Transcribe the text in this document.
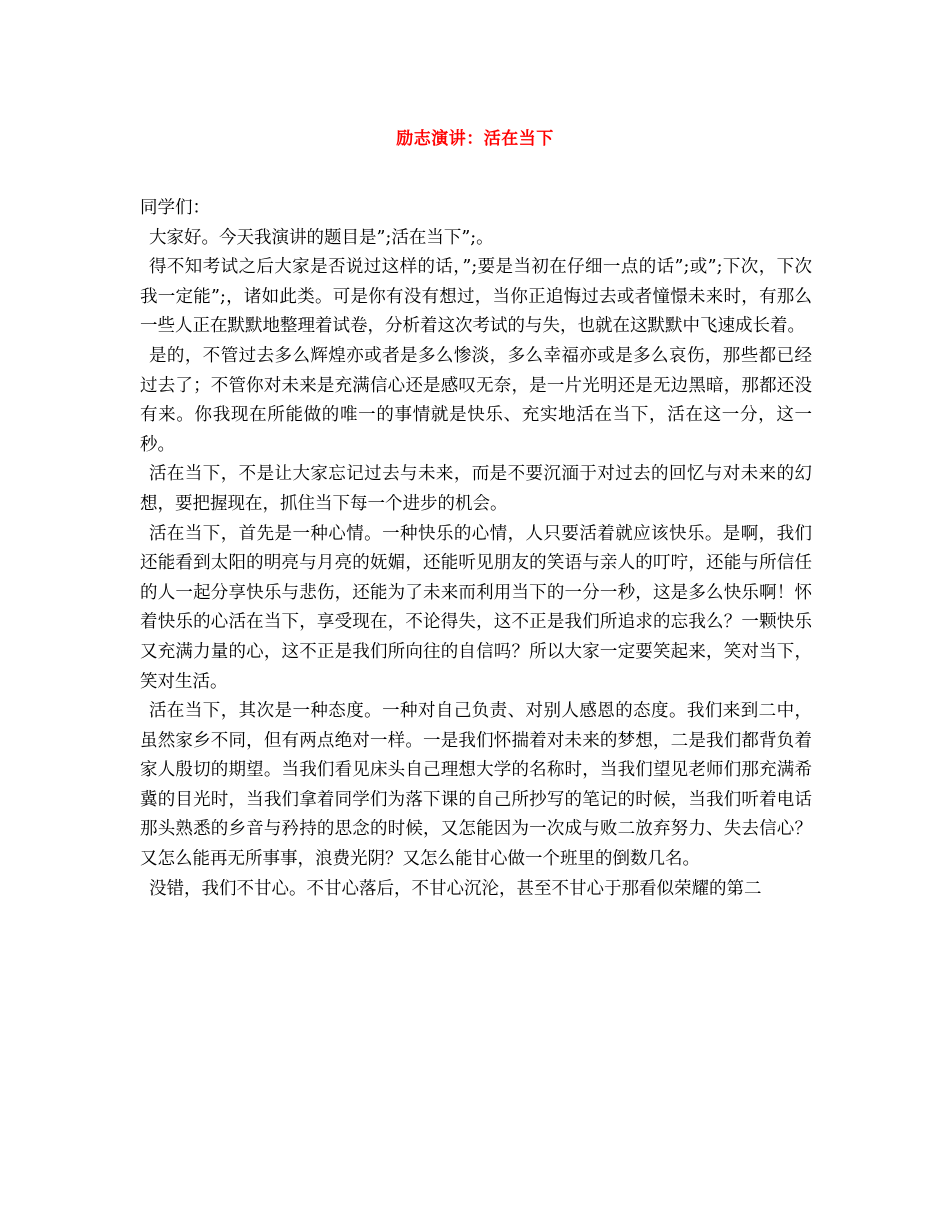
励志演讲：活在当下

同学们：

大家好。今天我演讲的题目是”;活在当下”;。

得不知考试之后大家是否说过这样的话，”;要是当初在仔细一点的话”;或”;下次，下次我一定能”;，诸如此类。可是你有没有想过，当你正追悔过去或者憧憬未来时，有那么一些人正在默默地整理着试卷，分析着这次考试的与失，也就在这默默中飞速成长着。

是的，不管过去多么辉煌亦或者是多么惨淡，多么幸福亦或是多么哀伤，那些都已经过去了；不管你对未来是充满信心还是感叹无奈，是一片光明还是无边黑暗，那都还没有来。你我现在所能做的唯一的事情就是快乐、充实地活在当下，活在这一分，这一秒。

活在当下，不是让大家忘记过去与未来，而是不要沉湎于对过去的回忆与对未来的幻想，要把握现在，抓住当下每一个进步的机会。

活在当下，首先是一种心情。一种快乐的心情，人只要活着就应该快乐。是啊，我们还能看到太阳的明亮与月亮的妩媚，还能听见朋友的笑语与亲人的叮咛，还能与所信任的人一起分享快乐与悲伤，还能为了未来而利用当下的一分一秒，这是多么快乐啊！怀着快乐的心活在当下，享受现在，不论得失，这不正是我们所追求的忘我么？一颗快乐又充满力量的心，这不正是我们所向往的自信吗？所以大家一定要笑起来，笑对当下，笑对生活。

活在当下，其次是一种态度。一种对自己负责、对别人感恩的态度。我们来到二中，虽然家乡不同，但有两点绝对一样。一是我们怀揣着对未来的梦想，二是我们都背负着家人殷切的期望。当我们看见床头自己理想大学的名称时，当我们望见老师们那充满希冀的目光时，当我们拿着同学们为落下课的自己所抄写的笔记的时候，当我们听着电话那头熟悉的乡音与矜持的思念的时候，又怎能因为一次成与败二放弃努力、失去信心？又怎么能再无所事事，浪费光阴？又怎么能甘心做一个班里的倒数几名。

没错，我们不甘心。不甘心落后，不甘心沉沦，甚至不甘心于那看似荣耀的第二
